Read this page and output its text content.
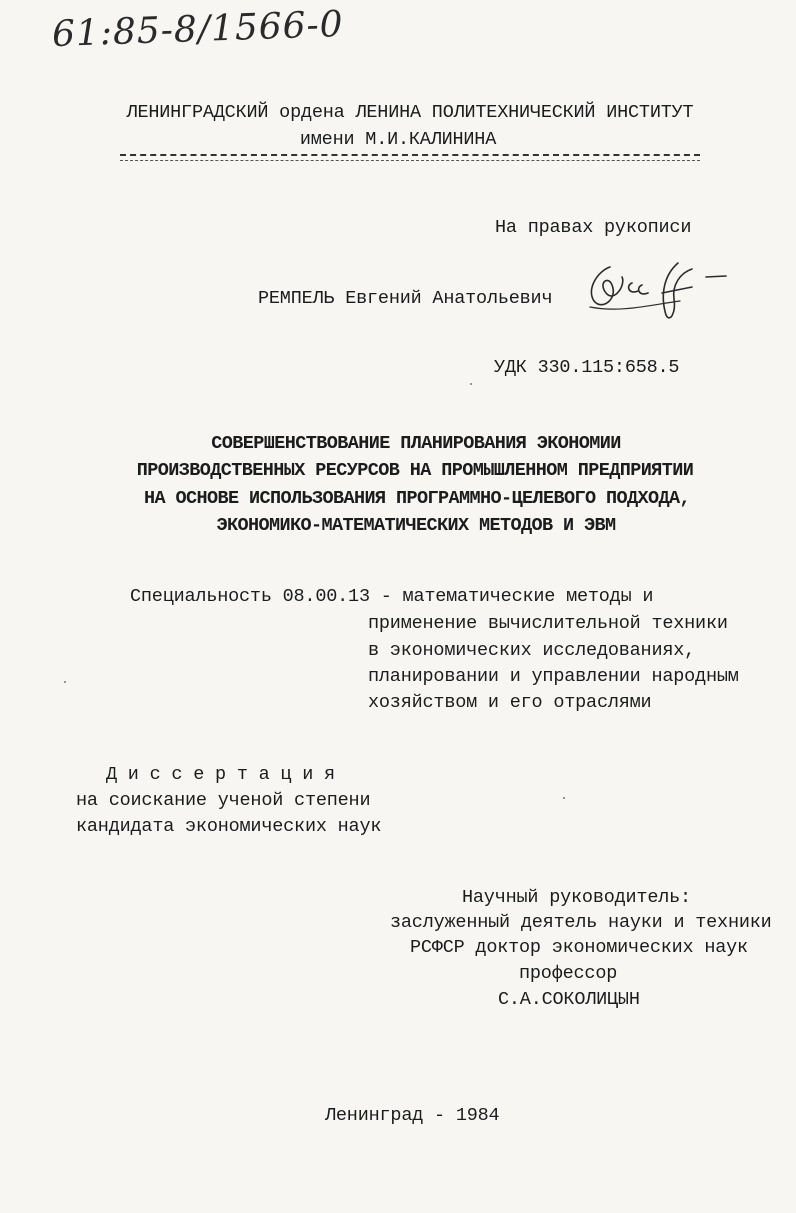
61:85-8/1566-0
ЛЕНИНГРАДСКИЙ ордена ЛЕНИНА ПОЛИТЕХНИЧЕСКИЙ ИНСТИТУТ
имени М.И.КАЛИНИНА
На правах рукописи
РЕМПЕЛЬ Евгений Анатольевич
УДК 330.115:658.5
СОВЕРШЕНСТВОВАНИЕ ПЛАНИРОВАНИЯ ЭКОНОМИИ
ПРОИЗВОДСТВЕННЫХ РЕСУРСОВ НА ПРОМЫШЛЕННОМ ПРЕДПРИЯТИИ
НА ОСНОВЕ ИСПОЛЬЗОВАНИЯ ПРОГРАММНО-ЦЕЛЕВОГО ПОДХОДА,
ЭКОНОМИКО-МАТЕМАТИЧЕСКИХ МЕТОДОВ И ЭВМ
Специальность 08.00.13 - математические методы и
применение вычислительной техники
в экономических исследованиях,
планировании и управлении народным
хозяйством и его отраслями
Д и с с е р т а ц и я
на соискание ученой степени
кандидата экономических наук
Научный руководитель:
заслуженный деятель науки и техники
РСФСР доктор экономических наук
профессор
С.А.СОКОЛИЦЫН
Ленинград - 1984
